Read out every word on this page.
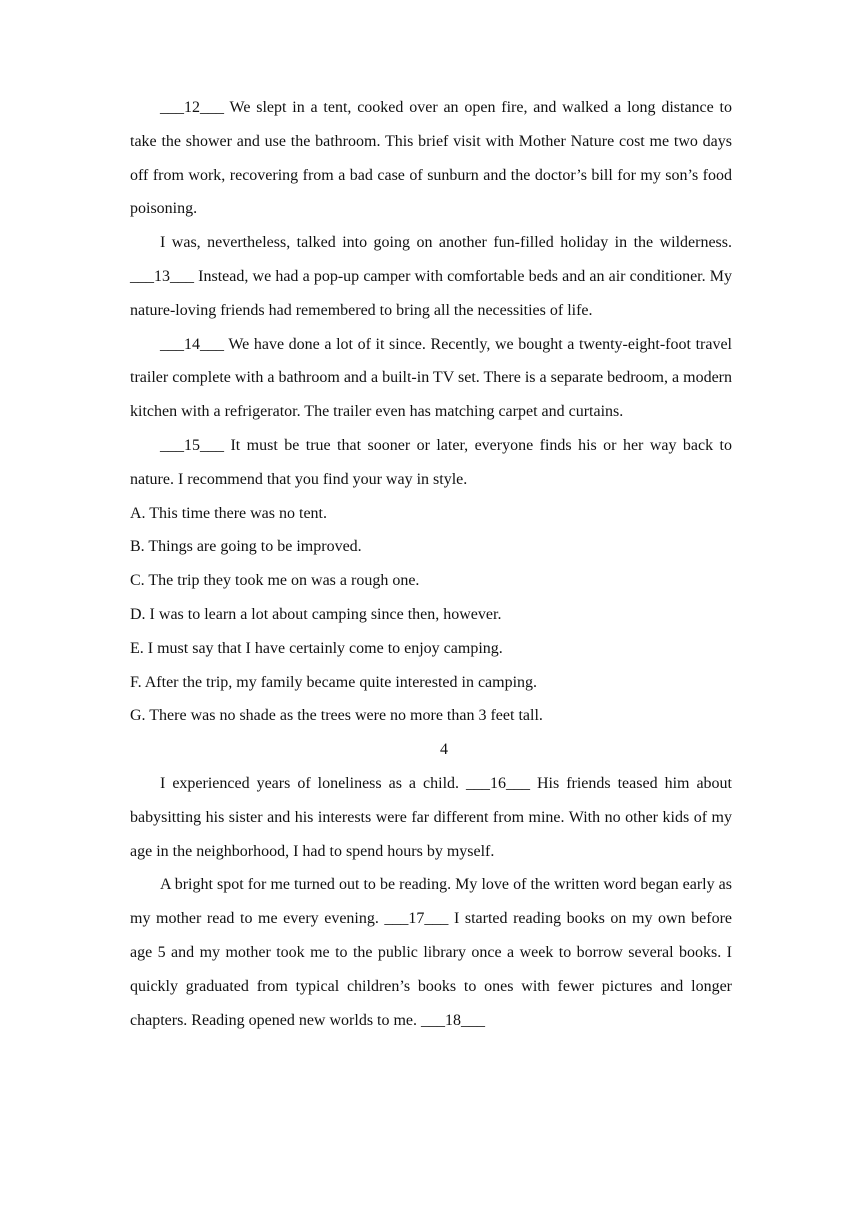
___12___ We slept in a tent, cooked over an open fire, and walked a long distance to take the shower and use the bathroom. This brief visit with Mother Nature cost me two days off from work, recovering from a bad case of sunburn and the doctor’s bill for my son’s food poisoning.

I was, nevertheless, talked into going on another fun-filled holiday in the wilderness. ___13___ Instead, we had a pop-up camper with comfortable beds and an air conditioner. My nature-loving friends had remembered to bring all the necessities of life.

___14___ We have done a lot of it since. Recently, we bought a twenty-eight-foot travel trailer complete with a bathroom and a built-in TV set. There is a separate bedroom, a modern kitchen with a refrigerator. The trailer even has matching carpet and curtains.

___15___ It must be true that sooner or later, everyone finds his or her way back to nature. I recommend that you find your way in style.

A. This time there was no tent.

B. Things are going to be improved.

C. The trip they took me on was a rough one.

D. I was to learn a lot about camping since then, however.

E. I must say that I have certainly come to enjoy camping.

F. After the trip, my family became quite interested in camping.

G. There was no shade as the trees were no more than 3 feet tall.

4

I experienced years of loneliness as a child. ___16___ His friends teased him about babysitting his sister and his interests were far different from mine. With no other kids of my age in the neighborhood, I had to spend hours by myself.

A bright spot for me turned out to be reading. My love of the written word began early as my mother read to me every evening. ___17___ I started reading books on my own before age 5 and my mother took me to the public library once a week to borrow several books. I quickly graduated from typical children’s books to ones with fewer pictures and longer chapters. Reading opened new worlds to me. ___18___
